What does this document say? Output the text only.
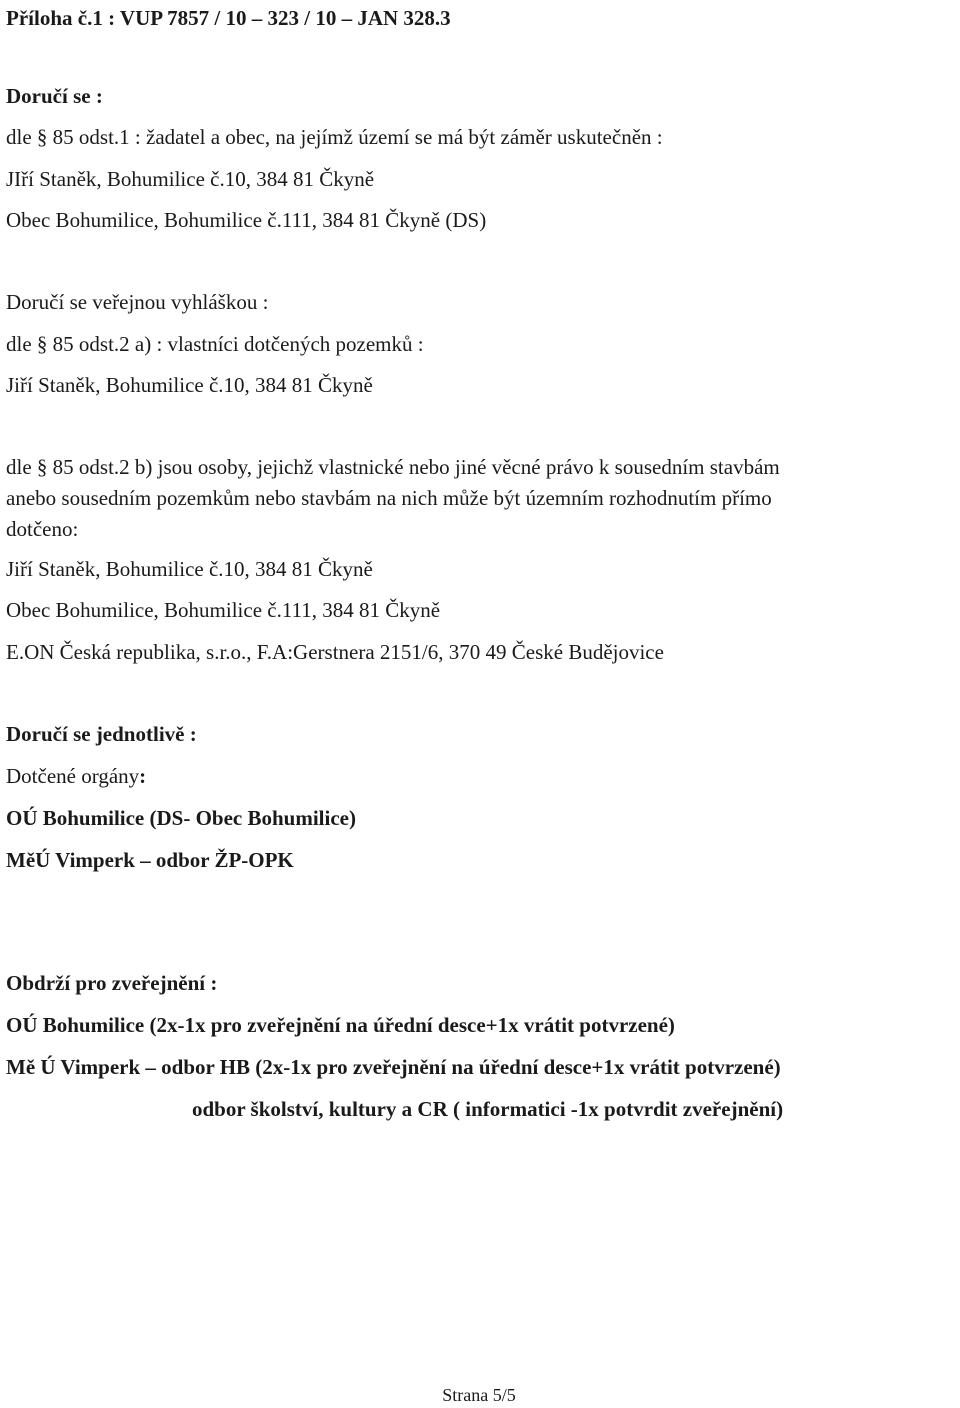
Příloha č.1 : VUP 7857 / 10 – 323 / 10 – JAN 328.3
Doručí se :
dle § 85 odst.1 : žadatel a obec, na jejímž území se má být záměr uskutečněn :
JIří Staněk, Bohumilice č.10, 384 81 Čkyně
Obec Bohumilice, Bohumilice č.111, 384 81 Čkyně (DS)
Doručí se veřejnou vyhláškou :
dle § 85 odst.2 a) : vlastníci dotčených pozemků :
Jiří Staněk, Bohumilice č.10, 384 81 Čkyně
dle § 85 odst.2 b) jsou osoby, jejichž vlastnické nebo jiné věcné právo k sousedním stavbám
anebo sousedním pozemkům nebo stavbám na nich může být územním rozhodnutím přímo
dotčeno:
Jiří Staněk, Bohumilice č.10, 384 81 Čkyně
Obec Bohumilice, Bohumilice č.111, 384 81 Čkyně
E.ON Česká republika, s.r.o., F.A:Gerstnera 2151/6, 370 49 České Budějovice
Doručí se jednotlivě :
Dotčené orgány:
OÚ Bohumilice (DS- Obec Bohumilice)
MěÚ Vimperk – odbor ŽP-OPK
Obdrží pro zveřejnění :
OÚ Bohumilice (2x-1x pro zveřejnění na úřední desce+1x vrátit potvrzené)
Mě Ú Vimperk – odbor HB (2x-1x pro zveřejnění na úřední desce+1x vrátit potvrzené)
odbor školství, kultury a CR ( informatici -1x potvrdit zveřejnění)
Strana 5/5
